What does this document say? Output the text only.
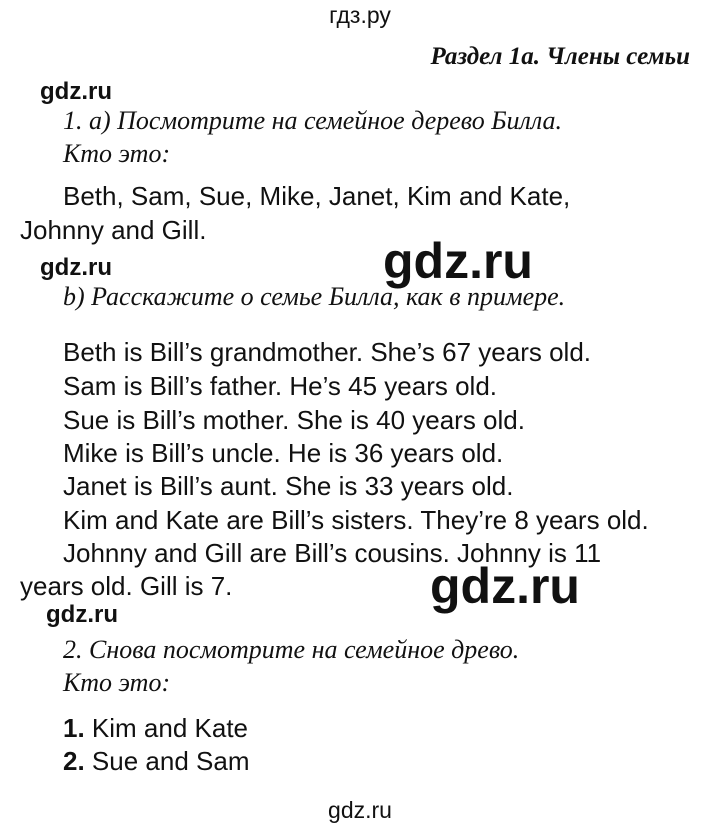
гдз.ру
Раздел 1a. Члены семьи
gdz.ru
1. a) Посмотрите на семейное дерево Билла.
Кто это:
Beth, Sam, Sue, Mike, Janet, Kim and Kate,
Johnny and Gill.
gdz.ru	gdz.ru
b) Расскажите о семье Билла, как в примере.
Beth is Bill’s grandmother. She’s 67 years old.
Sam is Bill’s father. He’s 45 years old.
Sue is Bill’s mother. She is 40 years old.
Mike is Bill’s uncle. He is 36 years old.
Janet is Bill’s aunt. She is 33 years old.
Kim and Kate are Bill’s sisters. They’re 8 years old.
Johnny and Gill are Bill’s cousins. Johnny is 11
years old. Gill is 7.	gdz.ru
gdz.ru
2. Снова посмотрите на семейное древо.
Кто это:
1. Kim and Kate
2. Sue and Sam
gdz.ru
